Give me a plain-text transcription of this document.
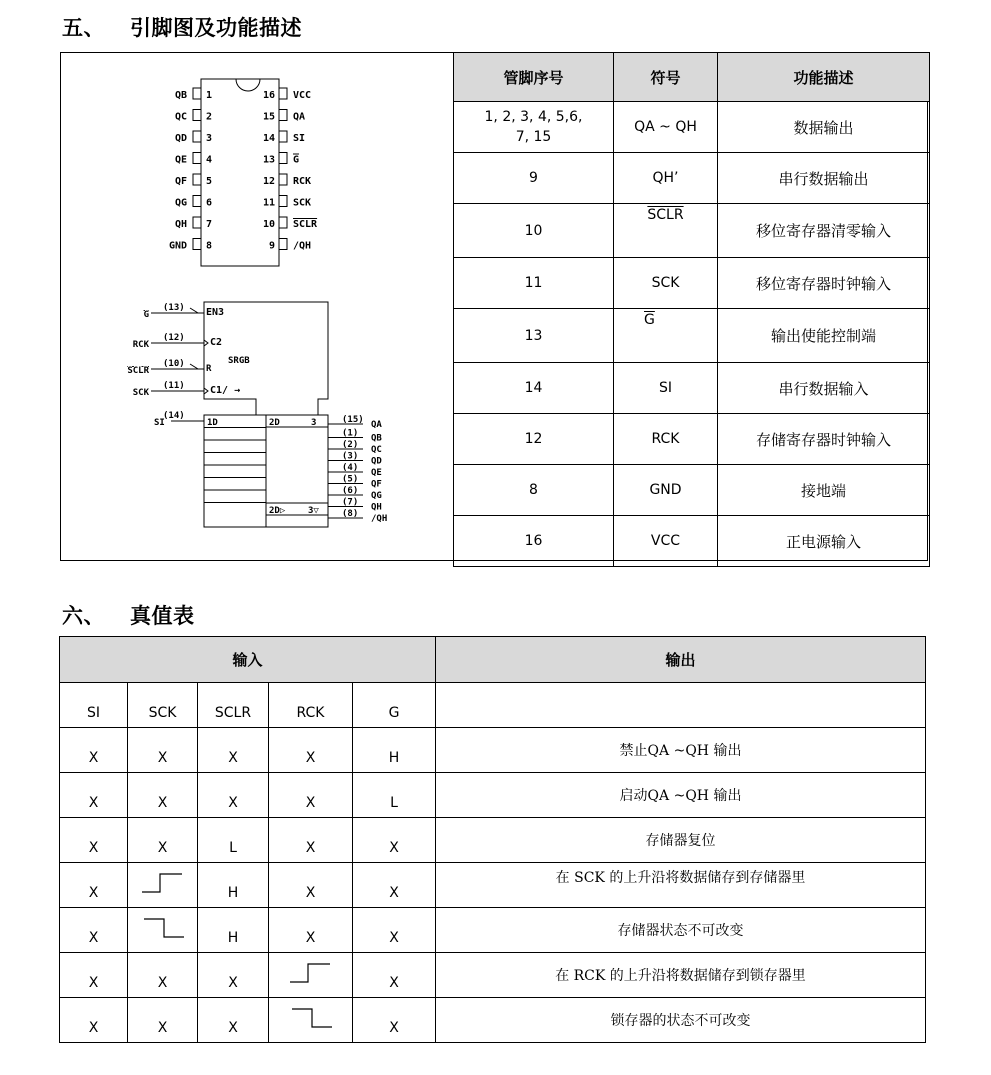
五、 引脚图及功能描述
QB 1
QC 2
QD 3
QE 4
QF 5
QG 6
QH 7
GND 8
16 VCC
15 QA
14 SI
13 G
12 RCK
11 SCK
10 SCLR
9 /QH
EN3
C2
SRGB
R
C1/ →
1D	2D	3
2D▷	3▽
G
(13)
RCK
(12)
SCLR
(10)
SCK
(11)
SI
(14)	(15) QA
(1) QB
(2) QC
(3) QD
(4) QE
(5) QF
(6) QG
(7) QH
(8) /QH
管脚序号	符号	功能描述
1, 2, 3, 4, 5,6, 7, 15	QA ~ QH	数据输出
9	QH’	串行数据输出
10	SCLR	移位寄存器清零输入
11	SCK	移位寄存器时钟输入
13	$\overline{G}$	输出使能控制端
14	SI	串行数据输入
12	RCK	存储寄存器时钟输入
8	GND	接地端
16	VCC	正电源输入
六、 真值表
输入					输出
SI	SCK	SCLR	RCK	G	
X	X	X	X	H	禁止QA ~QH 输出
X	X	X	X	L	启动QA ~QH 输出
X	X	L	X	X	存储器复位
X		H	X	X	在 SCK 的上升沿将数据储存到存储器里
X		H	X	X	存储器状态不可改变
X	X	X		X	在 RCK 的上升沿将数据储存到锁存器里
X	X	X		X	锁存器的状态不可改变
